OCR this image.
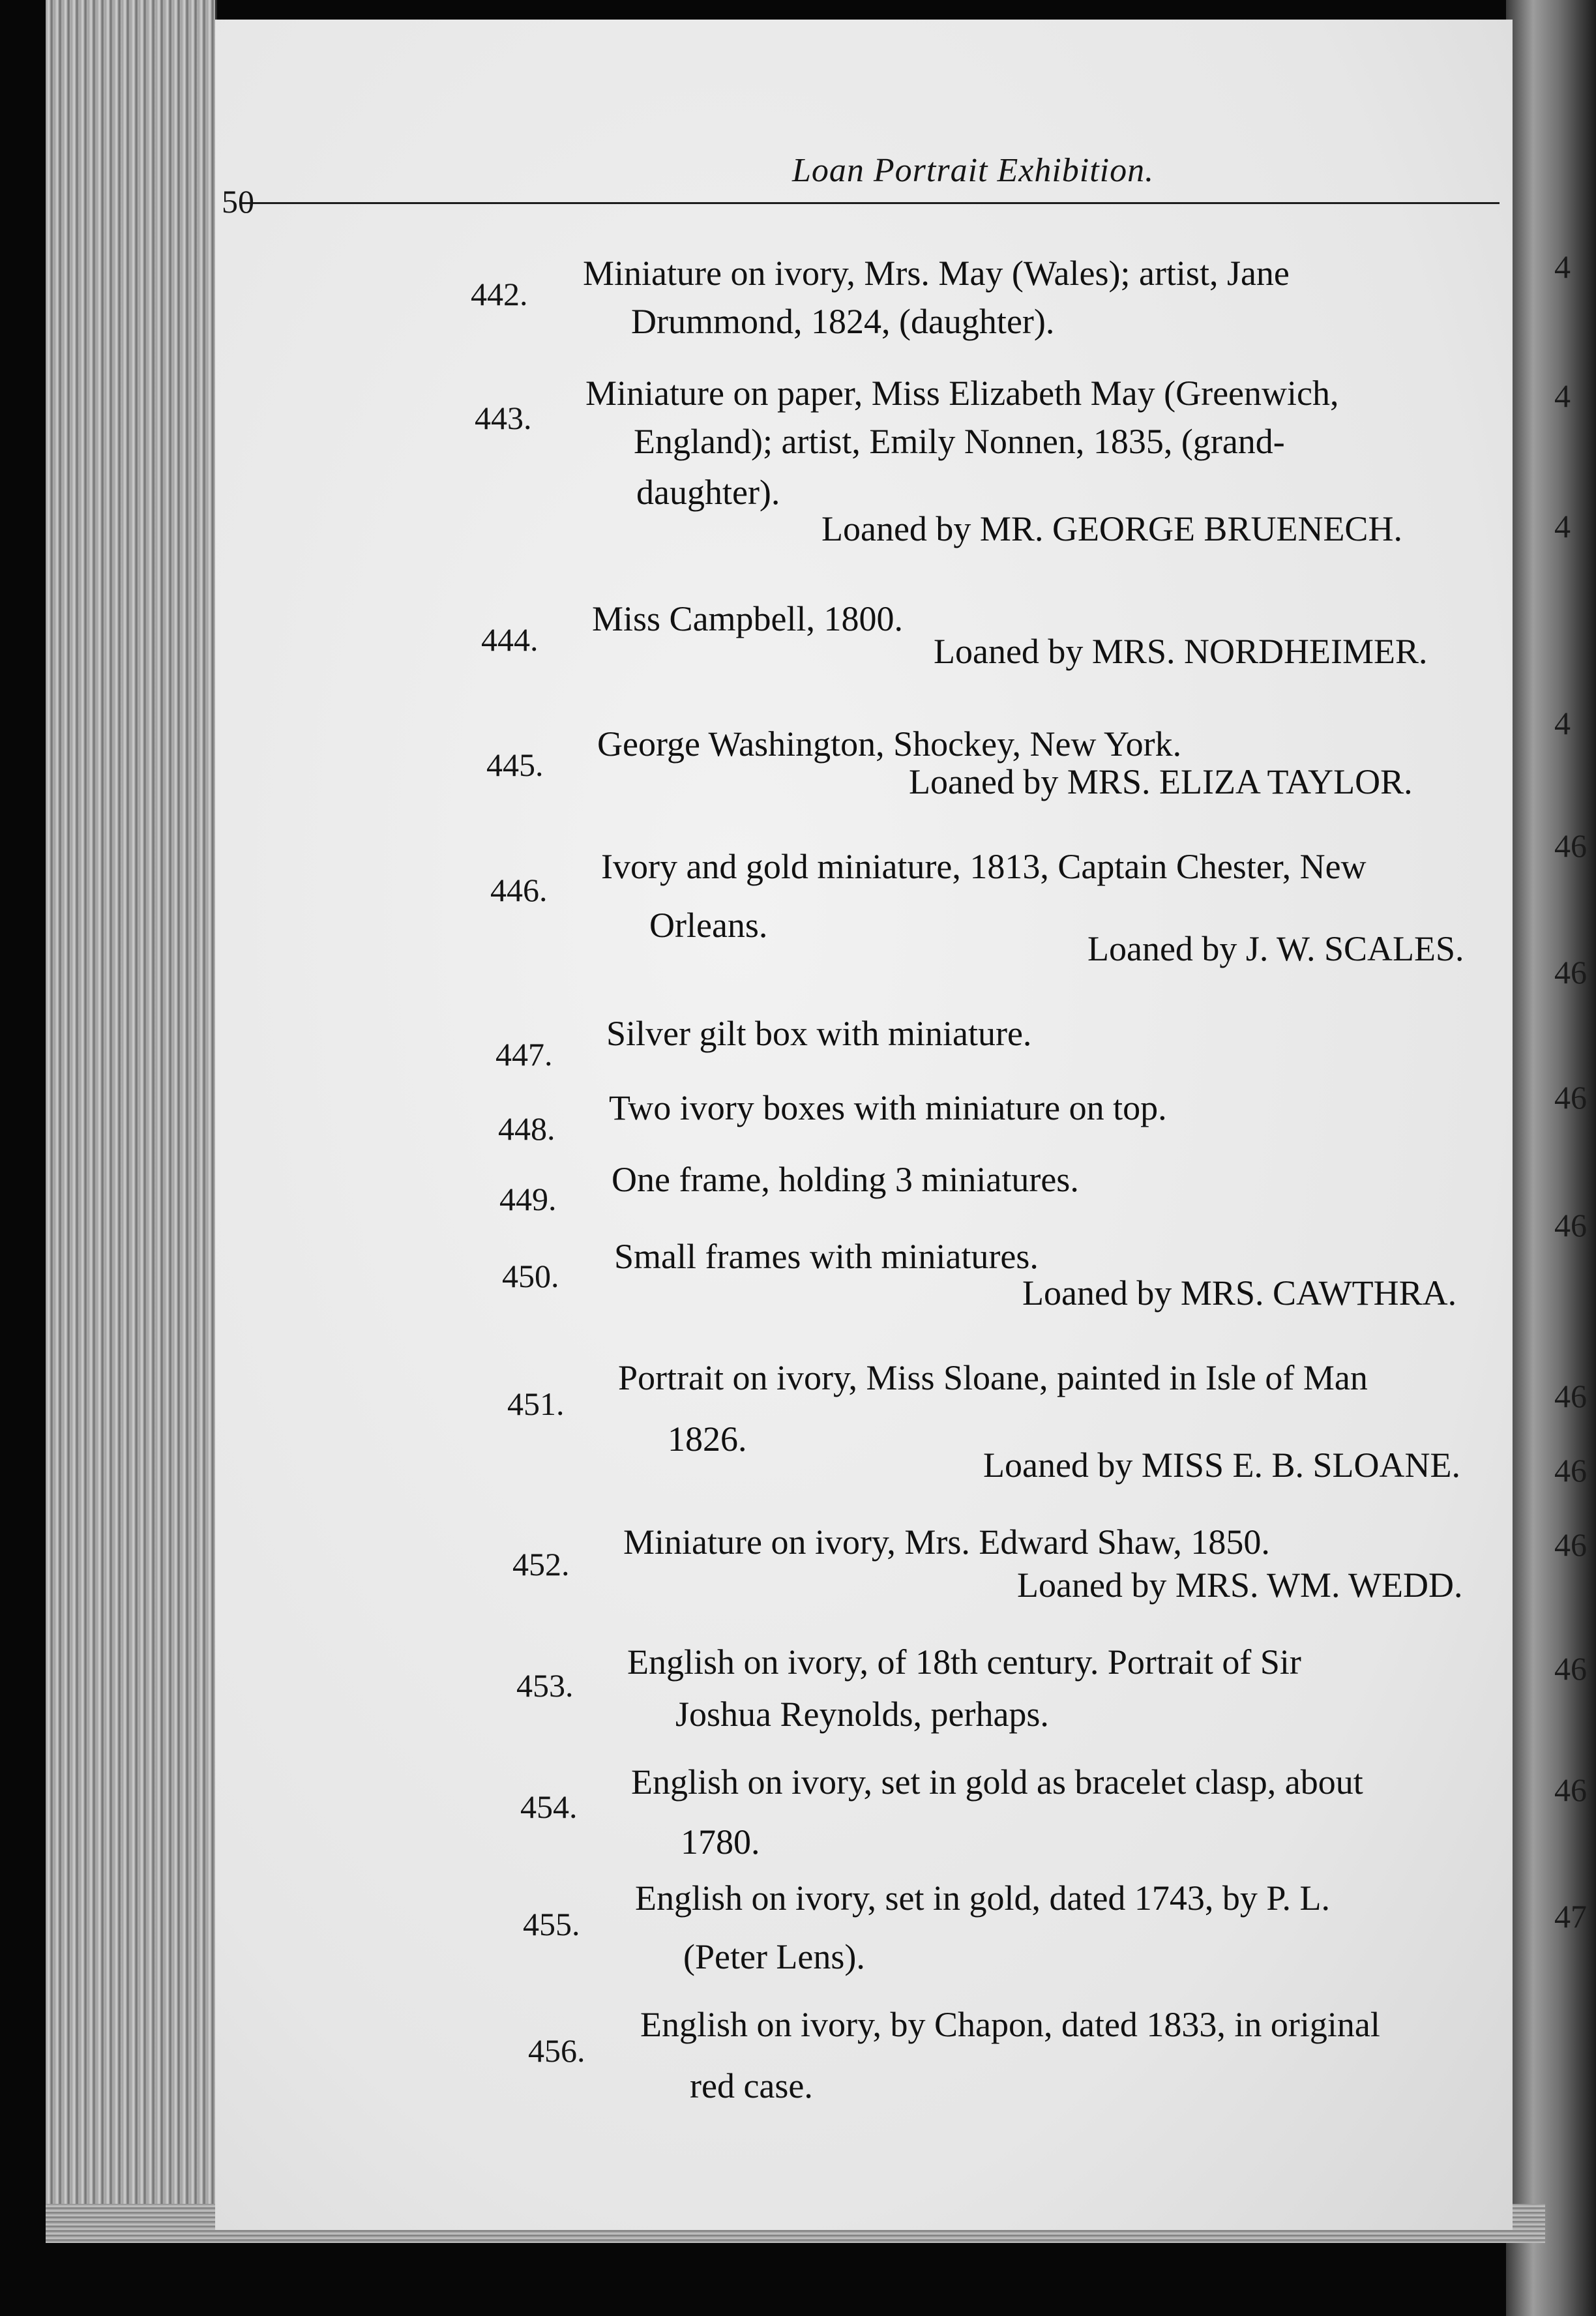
50
Loan Portrait Exhibition.
442.
Miniature on ivory, Mrs. May (Wales); artist, Jane
Drummond, 1824, (daughter).
443.
Miniature on paper, Miss Elizabeth May (Greenwich,
England); artist, Emily Nonnen, 1835, (grand-
daughter).
Loaned by MR. GEORGE BRUENECH.
444.
Miss Campbell, 1800.
Loaned by MRS. NORDHEIMER.
445.
George Washington, Shockey, New York.
Loaned by MRS. ELIZA TAYLOR.
446.
Ivory and gold miniature, 1813, Captain Chester, New
Orleans.
Loaned by J. W. SCALES.
447.
Silver gilt box with miniature.
448.
Two ivory boxes with miniature on top.
449. One frame, holding 3 miniatures.
450. Small frames with miniatures.
Loaned by MRS. CAWTHRA.
451.
Portrait on ivory, Miss Sloane, painted in Isle of Man
1826.
Loaned by MISS E. B. SLOANE.
452.
Miniature on ivory, Mrs. Edward Shaw, 1850.
Loaned by MRS. WM. WEDD.
453.
English on ivory, of 18th century. Portrait of Sir
Joshua Reynolds, perhaps.
454.
English on ivory, set in gold as bracelet clasp, about
1780.
455.
English on ivory, set in gold, dated 1743, by P. L.
(Peter Lens).
456.
English on ivory, by Chapon, dated 1833, in original
red case.
4
4
4
4
46
46
46
46
46
46
46
46
46
47
